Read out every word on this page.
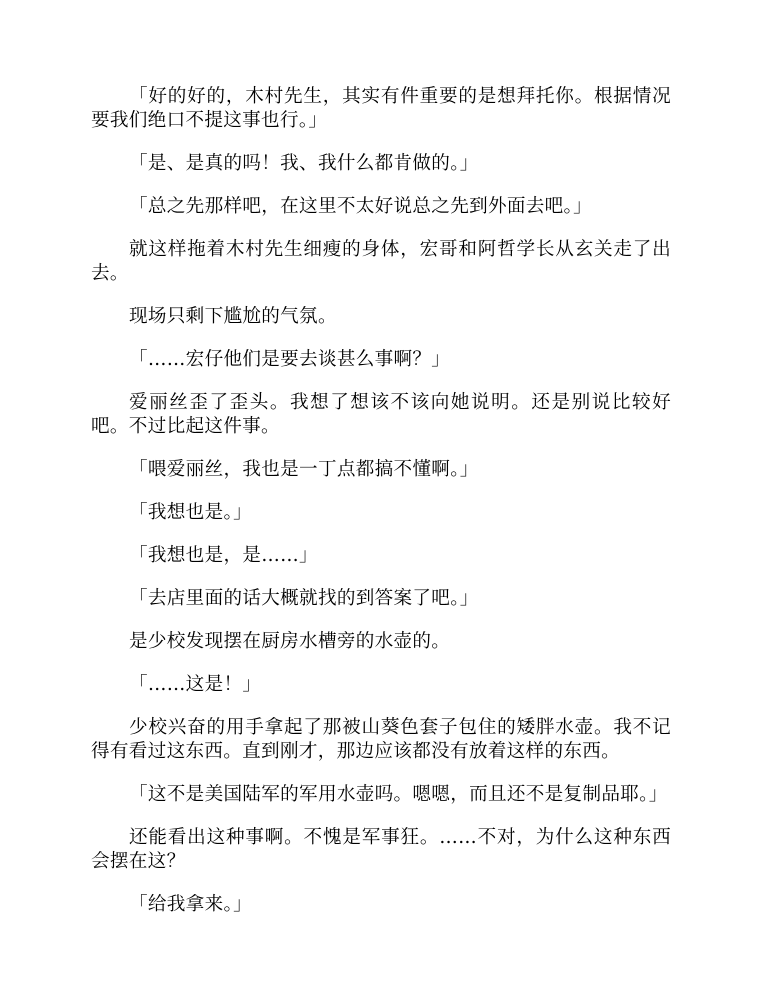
「好的好的，木村先生，其实有件重要的是想拜托你。根据情况要我们绝口不提这事也行。」

「是、是真的吗！我、我什么都肯做的。」

「总之先那样吧，在这里不太好说总之先到外面去吧。」

就这样拖着木村先生细瘦的身体，宏哥和阿哲学长从玄关走了出去。

现场只剩下尴尬的气氛。

「……宏仔他们是要去谈甚么事啊？」

爱丽丝歪了歪头。我想了想该不该向她说明。还是别说比较好吧。不过比起这件事。

「喂爱丽丝，我也是一丁点都搞不懂啊。」

「我想也是。」

「我想也是，是……」

「去店里面的话大概就找的到答案了吧。」

是少校发现摆在厨房水槽旁的水壶的。

「……这是！」

少校兴奋的用手拿起了那被山葵色套子包住的矮胖水壶。我不记得有看过这东西。直到刚才，那边应该都没有放着这样的东西。

「这不是美国陆军的军用水壶吗。嗯嗯，而且还不是复制品耶。」

还能看出这种事啊。不愧是军事狂。……不对，为什么这种东西会摆在这？

「给我拿来。」
